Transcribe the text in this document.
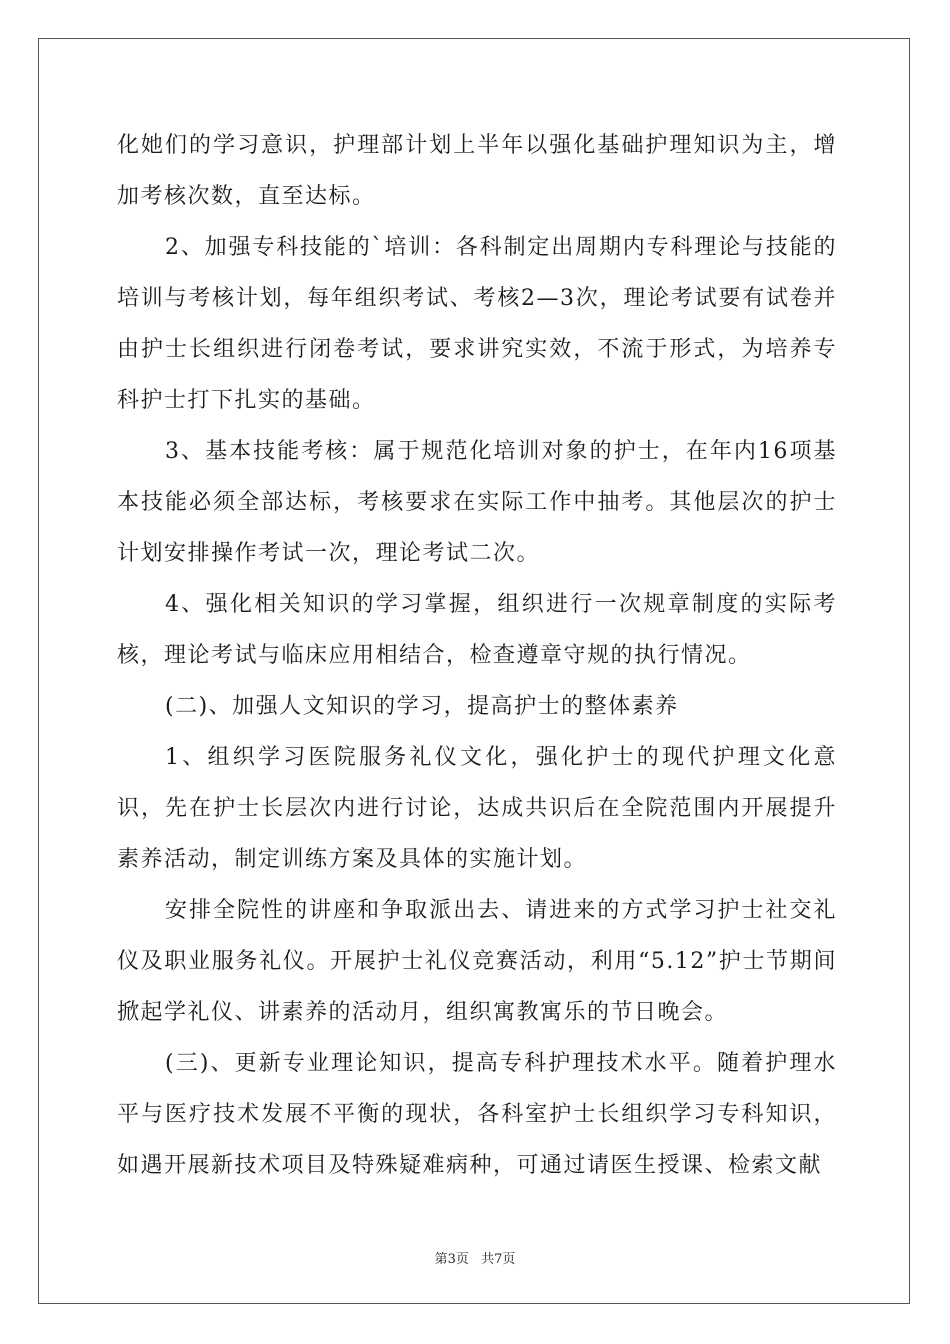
化她们的学习意识，护理部计划上半年以强化基础护理知识为主，增加考核次数，直至达标。

2、加强专科技能的`培训：各科制定出周期内专科理论与技能的培训与考核计划，每年组织考试、考核2—3次，理论考试要有试卷并由护士长组织进行闭卷考试，要求讲究实效，不流于形式，为培养专科护士打下扎实的基础。

3、基本技能考核：属于规范化培训对象的护士，在年内16项基本技能必须全部达标，考核要求在实际工作中抽考。其他层次的护士计划安排操作考试一次，理论考试二次。

4、强化相关知识的学习掌握，组织进行一次规章制度的实际考核，理论考试与临床应用相结合，检查遵章守规的执行情况。

(二)、加强人文知识的学习，提高护士的整体素养

1、组织学习医院服务礼仪文化，强化护士的现代护理文化意识，先在护士长层次内进行讨论，达成共识后在全院范围内开展提升素养活动，制定训练方案及具体的实施计划。

安排全院性的讲座和争取派出去、请进来的方式学习护士社交礼仪及职业服务礼仪。开展护士礼仪竞赛活动，利用“5.12”护士节期间掀起学礼仪、讲素养的活动月，组织寓教寓乐的节日晚会。

(三)、更新专业理论知识，提高专科护理技术水平。随着护理水平与医疗技术发展不平衡的现状，各科室护士长组织学习专科知识，如遇开展新技术项目及特殊疑难病种，可通过请医生授课、检索文献

第3页 共7页
